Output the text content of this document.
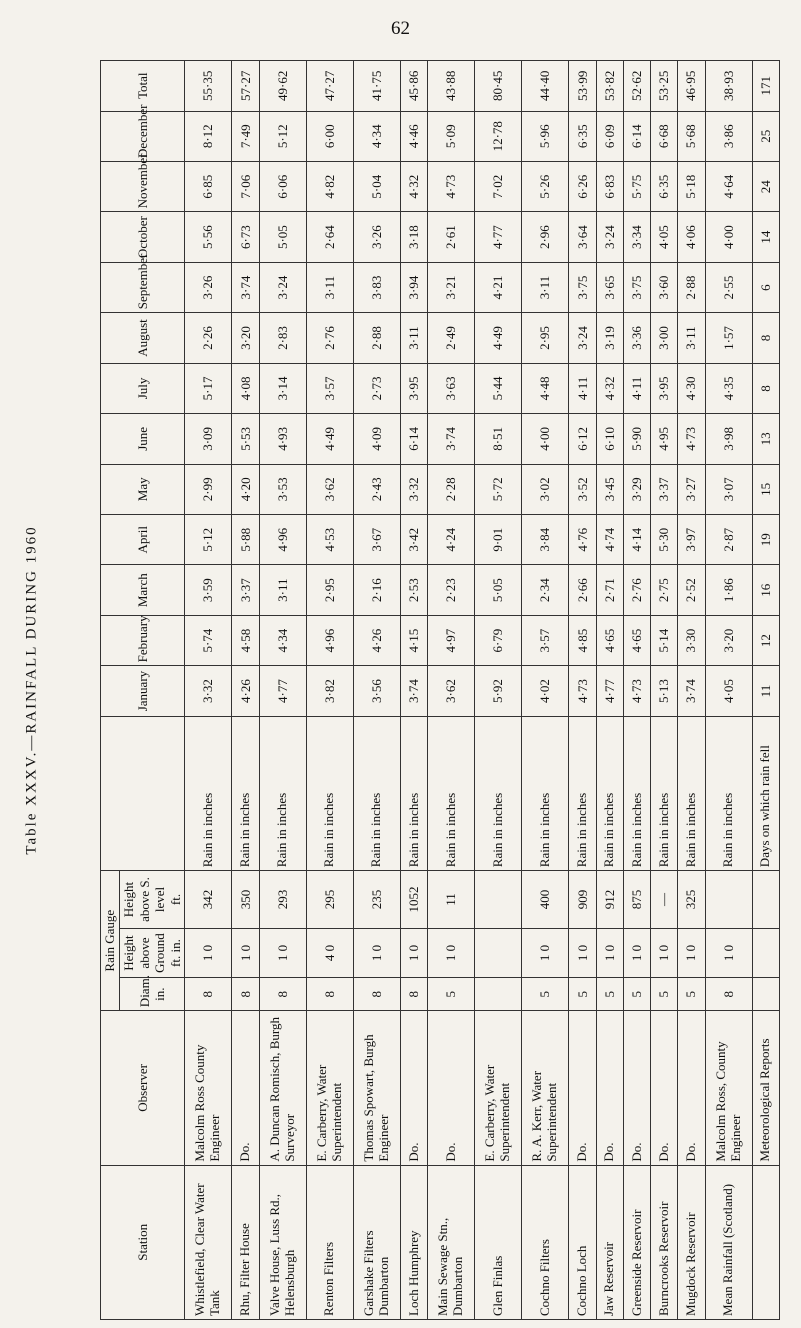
62
Table XXXV.—RAINFALL DURING 1960
Station	Observer	Rain Gauge				January	February	March	April	May	June	July	August	September	October	November	December	Total

		Diam. in.	Height above Ground ft. in.	Height above S. level ft.														

Whistlefield, Clear Water Tank	Malcolm Ross County Engineer	8	1 0	342	Rain in inches	3·32	5·74	3·59	5·12	2·99	3·09	5·17	2·26	3·26	5·56	6·85	8·12	55·35
Rhu, Filter House	Do.	8	1 0	350	Rain in inches	4·26	4·58	3·37	5·88	4·20	5·53	4·08	3·20	3·74	6·73	7·06	7·49	57·27
Valve House, Luss Rd., Helensburgh	A. Duncan Romisch, Burgh Surveyor	8	1 0	293	Rain in inches	4·77	4·34	3·11	4·96	3·53	4·93	3·14	2·83	3·24	5·05	6·06	5·12	49·62
Renton Filters	E. Carberry, Water Superintendent	8	4 0	295	Rain in inches	3·82	4·96	2·95	4·53	3·62	4·49	3·57	2·76	3·11	2·64	4·82	6·00	47·27
Garshake Filters Dumbarton	Thomas Spowart, Burgh Engineer	8	1 0	235	Rain in inches	3·56	4·26	2·16	3·67	2·43	4·09	2·73	2·88	3·83	3·26	5·04	4·34	41·75
Loch Humphrey	Do.	8	1 0	1052	Rain in inches	3·74	4·15	2·53	3·42	3·32	6·14	3·95	3·11	3·94	3·18	4·32	4·46	45·86
Main Sewage Stn., Dumbarton	Do.	5	1 0	11	Rain in inches	3·62	4·97	2·23	4·24	2·28	3·74	3·63	2·49	3·21	2·61	4·73	5·09	43·88
Glen Finlas	E. Carberry, Water Superintendent				Rain in inches	5·92	6·79	5·05	9·01	5·72	8·51	5·44	4·49	4·21	4·77	7·02	12·78	80·45
Cochno Filters	R. A. Kerr, Water Superintendent	5	1 0	400	Rain in inches	4·02	3·57	2·34	3·84	3·02	4·00	4·48	2·95	3·11	2·96	5·26	5·96	44·40
Cochno Loch	Do.	5	1 0	909	Rain in inches	4·73	4·85	2·66	4·76	3·52	6·12	4·11	3·24	3·75	3·64	6·26	6·35	53·99
Jaw Reservoir	Do.	5	1 0	912	Rain in inches	4·77	4·65	2·71	4·74	3·45	6·10	4·32	3·19	3·65	3·24	6·83	6·09	53·82
Greenside Reservoir	Do.	5	1 0	875	Rain in inches	4·73	4·65	2·76	4·14	3·29	5·90	4·11	3·36	3·75	3·34	5·75	6·14	52·62
Burncrooks Reservoir	Do.	5	1 0	—	Rain in inches	5·13	5·14	2·75	5·30	3·37	4·95	3·95	3·00	3·60	4·05	6·35	6·68	53·25
Mugdock Reservoir	Do.	5	1 0	325	Rain in inches	3·74	3·30	2·52	3·97	3·27	4·73	4·30	3·11	2·88	4·06	5·18	5·68	46·95
Mean Rainfall (Scotland)	Malcolm Ross, County Engineer	8	1 0		Rain in inches	4·05	3·20	1·86	2·87	3·07	3·98	4·35	1·57	2·55	4·00	4·64	3·86	38·93
	Meteorological Reports				Days on which rain fell	11	12	16	19	15	13	8	8	6	14	24	25	171
